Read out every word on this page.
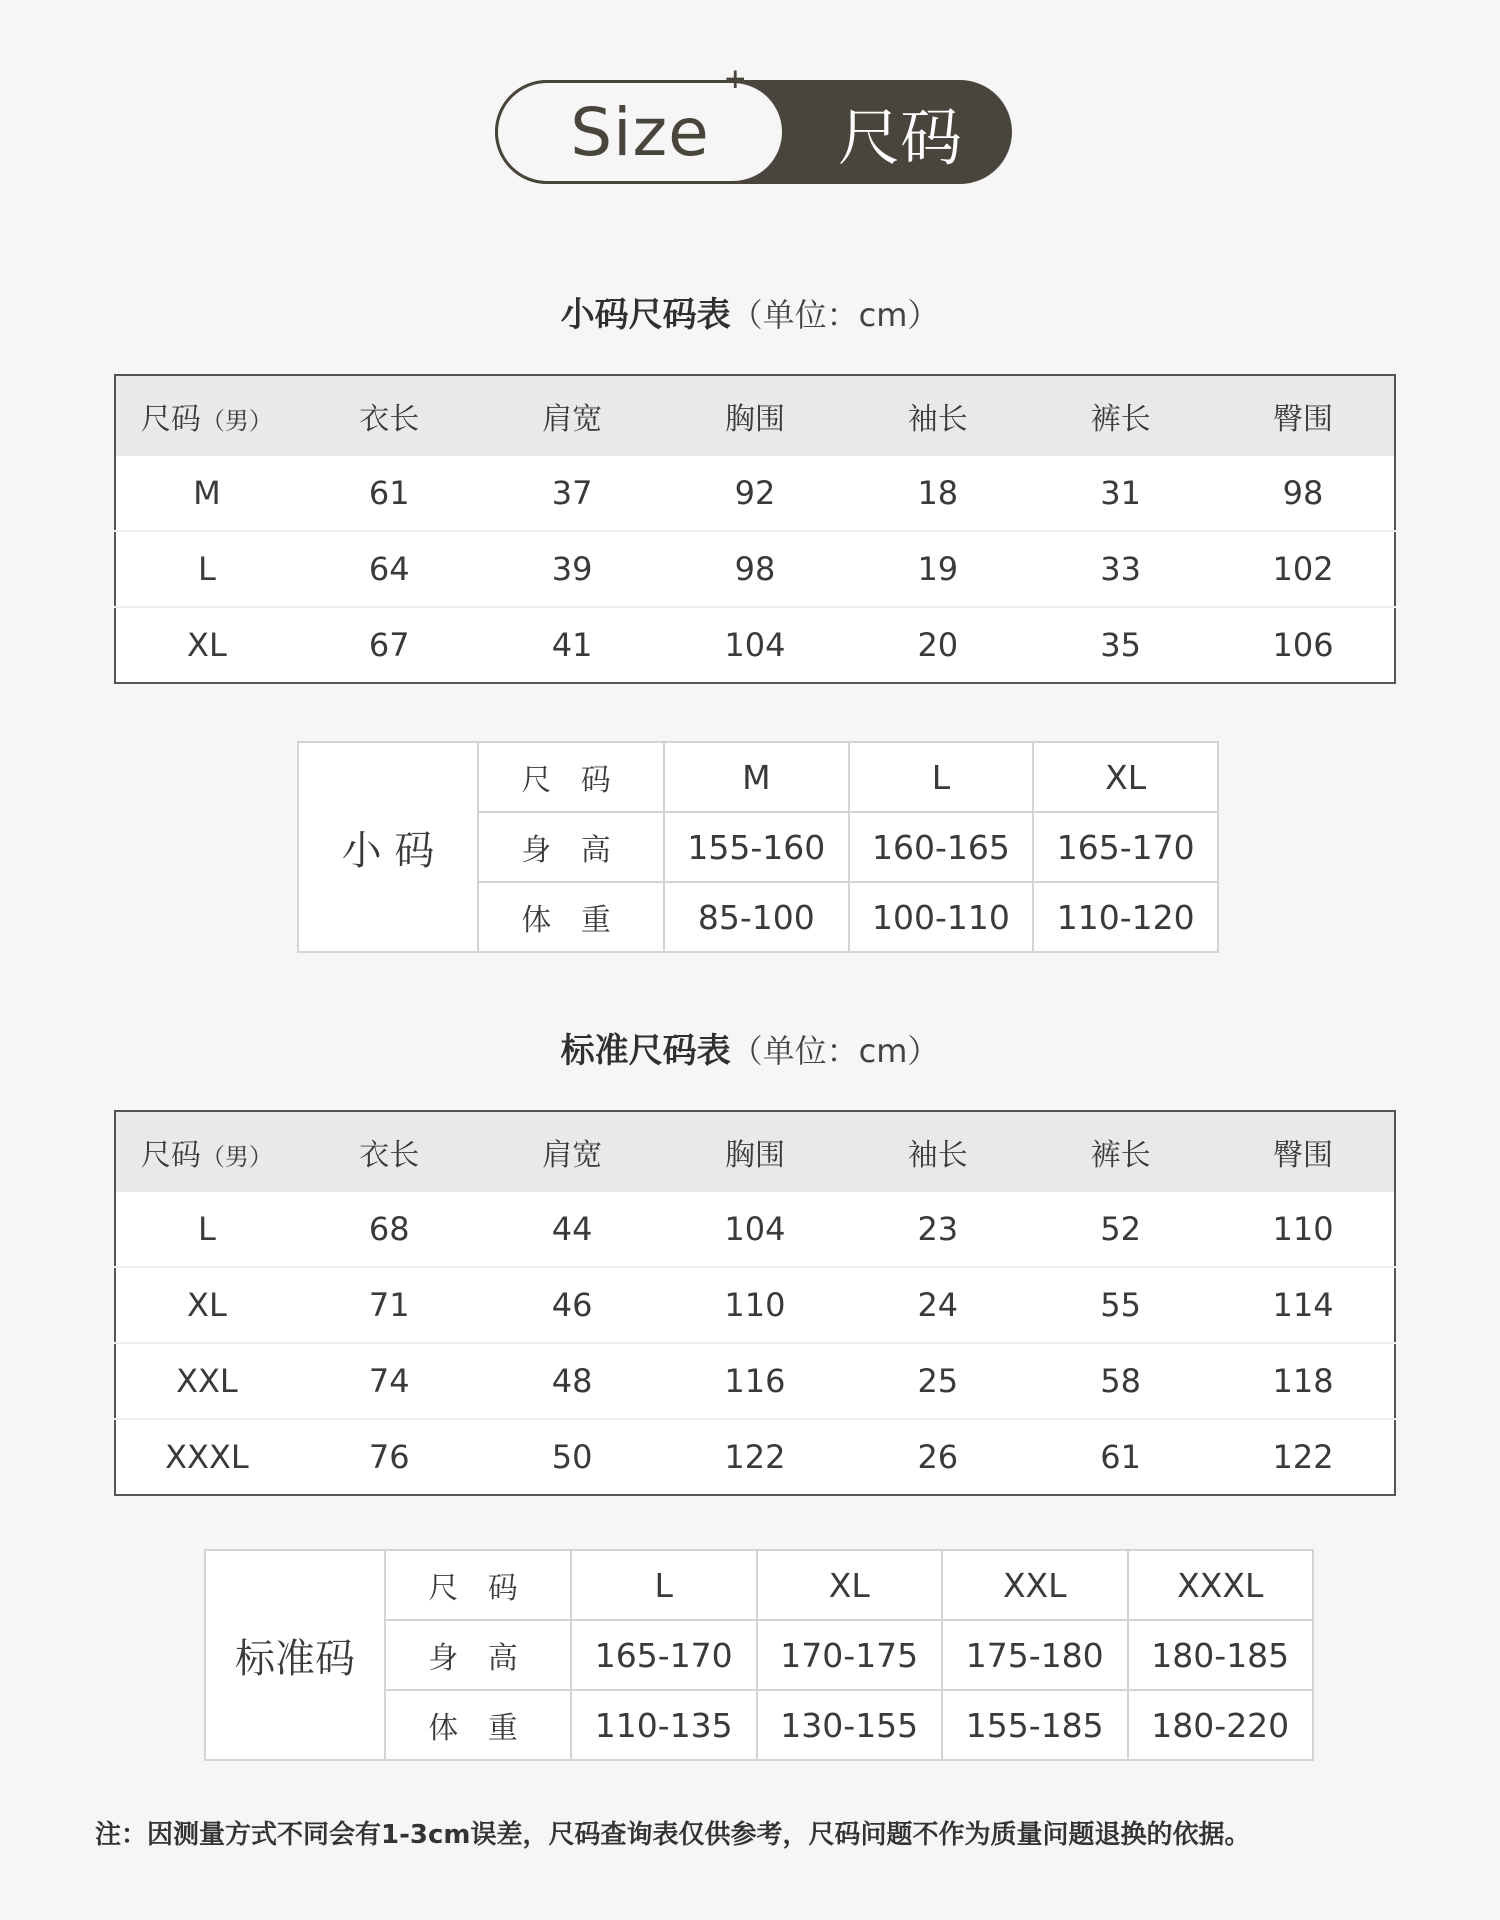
Size	尺码
+
小码尺码表（单位：cm）
尺码（男）	衣长	肩宽	胸围	袖长	裤长	臀围
M	61	37	92	18	31	98
L	64	39	98	19	33	102
XL	67	41	104	20	35	106
小 码	尺 码	M	L	XL
	身 高	155-160	160-165	165-170
	体 重	85-100	100-110	110-120
标准尺码表（单位：cm）
尺码（男）	衣长	肩宽	胸围	袖长	裤长	臀围
L	68	44	104	23	52	110
XL	71	46	110	24	55	114
XXL	74	48	116	25	58	118
XXXL	76	50	122	26	61	122
标准码	尺 码	L	XL	XXL	XXXL
	身 高	165-170	170-175	175-180	180-185
	体 重	110-135	130-155	155-185	180-220
注：因测量方式不同会有1-3cm误差，尺码查询表仅供参考，尺码问题不作为质量问题退换的依据。
